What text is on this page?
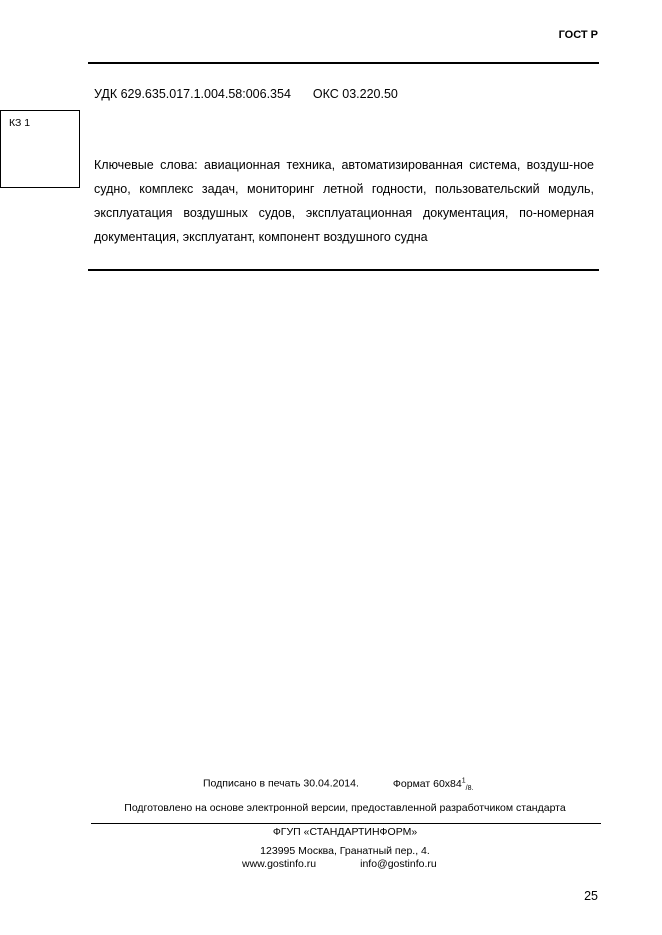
ГОСТ Р
УДК 629.635.017.1.004.58:006.354 ОКС 03.220.50
КЗ 1
Ключевые слова: авиационная техника, автоматизированная система, воздуш-ное судно, комплекс задач, мониторинг летной годности, пользовательский модуль, эксплуатация воздушных судов, эксплуатационная документация, по-номерная документация, эксплуатант, компонент воздушного судна
Подписано в печать 30.04.2014.	Формат $60x84^1_{/8.}$
Подготовлено на основе электронной версии, предоставленной разработчиком стандарта
ФГУП «СТАНДАРТИНФОРМ»
123995 Москва, Гранатный пер., 4.
www.gostinfo.ru	info@gostinfo.ru
25
